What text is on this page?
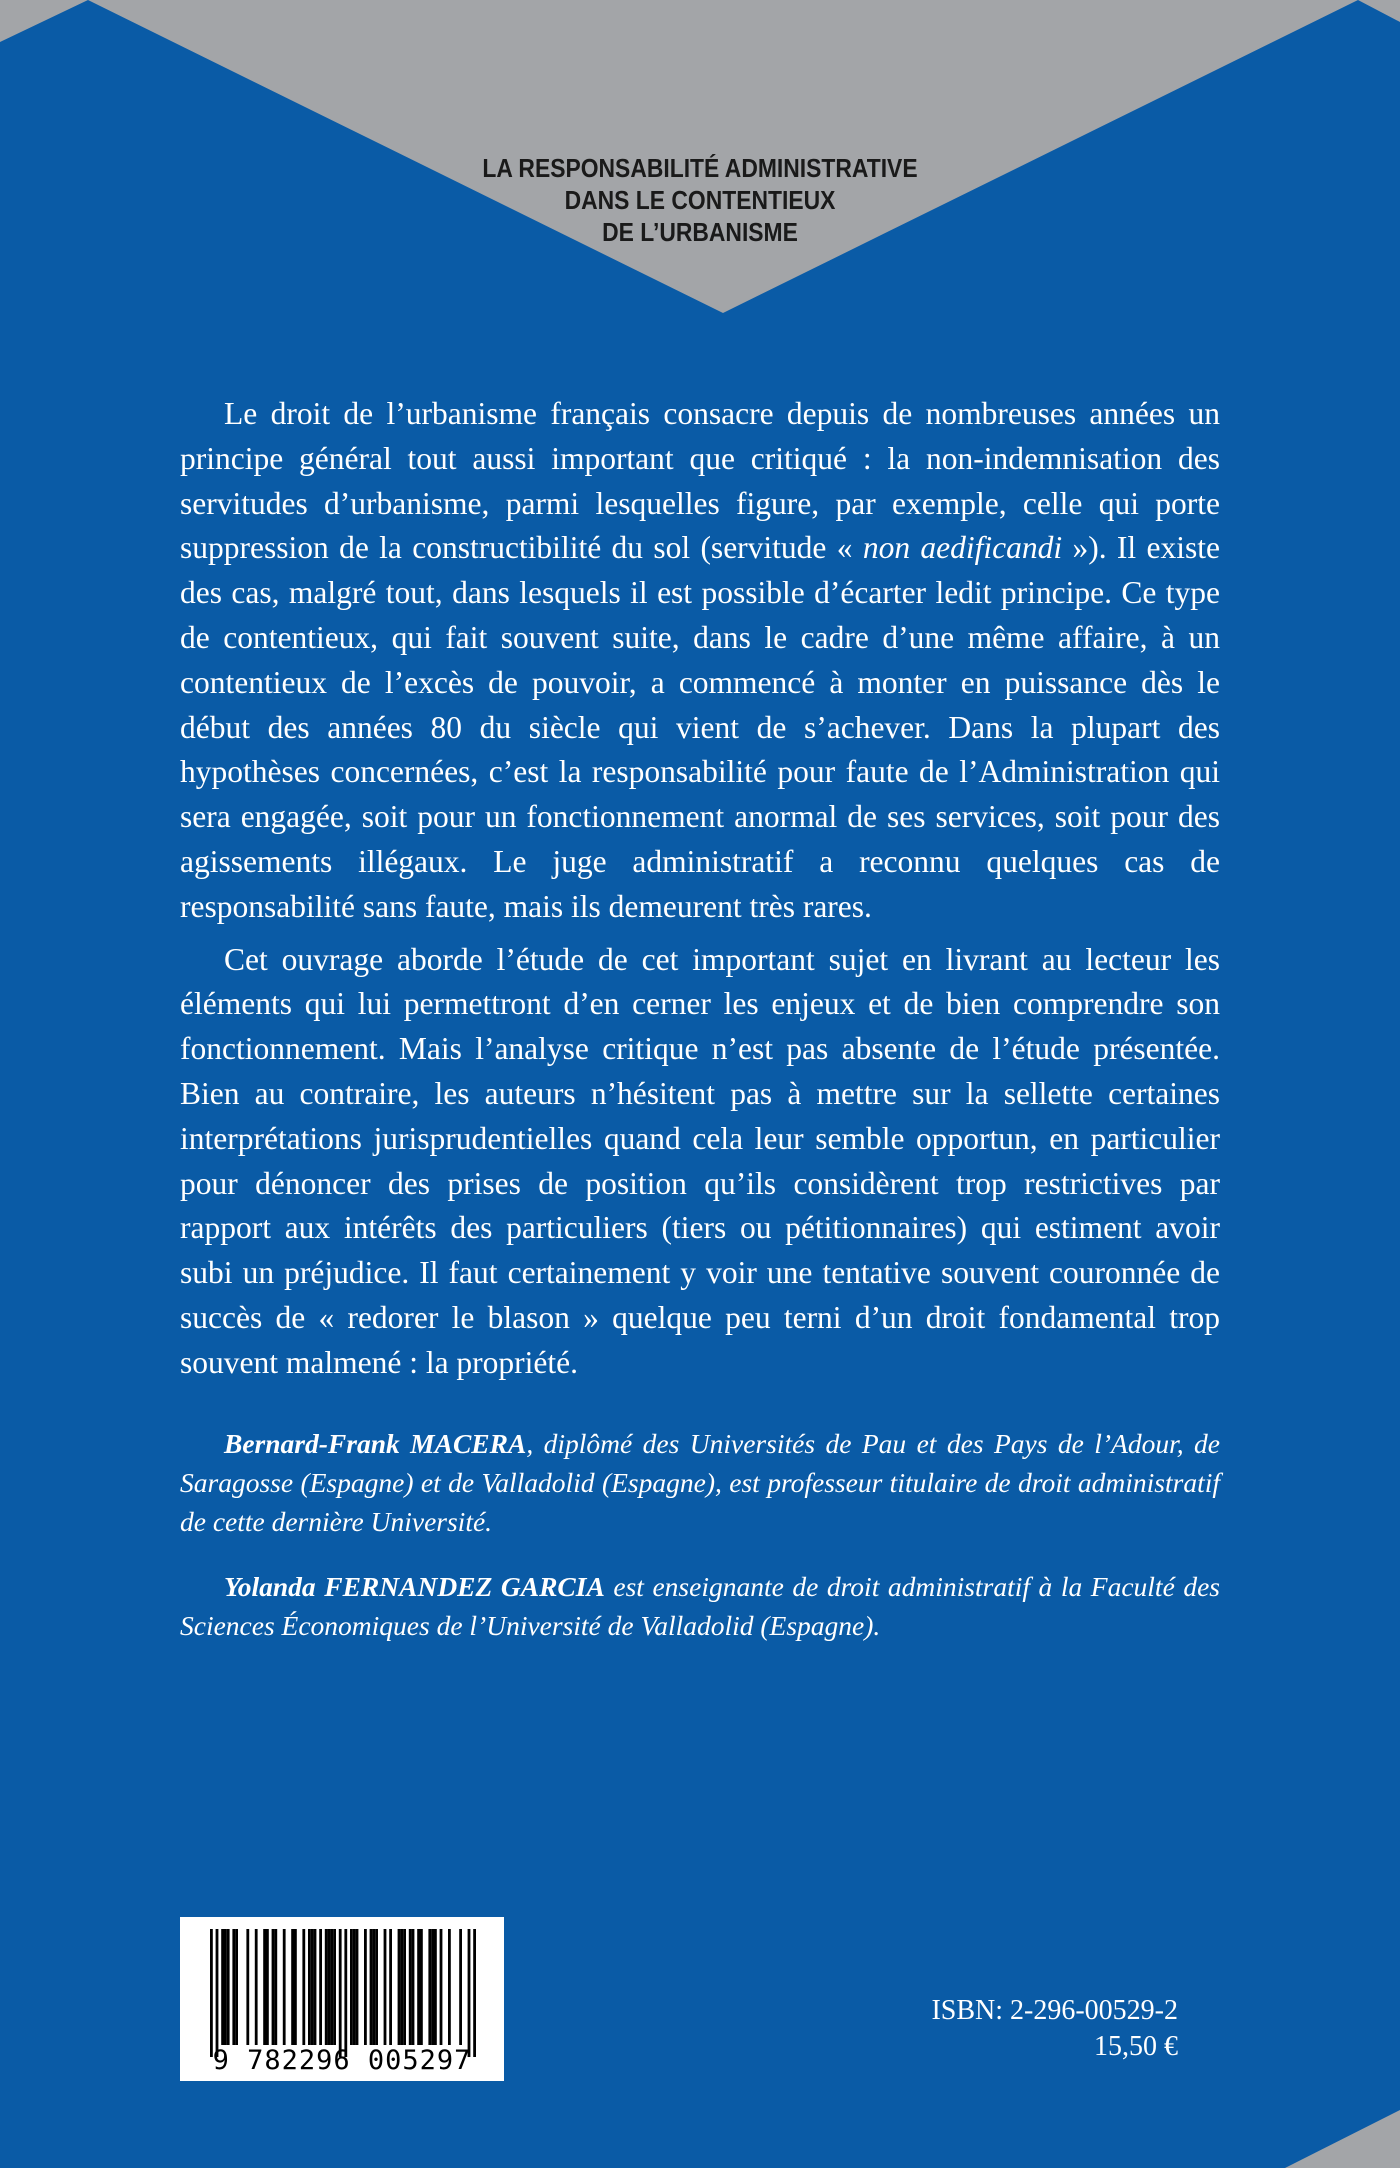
LA RESPONSABILITÉ ADMINISTRATIVE
DANS LE CONTENTIEUX
DE L’URBANISME

Le droit de l’urbanisme français consacre depuis de nombreuses années un principe général tout aussi important que critiqué : la non-indemnisation des servitudes d’urbanisme, parmi lesquelles figure, par exemple, celle qui porte suppression de la constructibilité du sol (servitude « non aedificandi »). Il existe des cas, malgré tout, dans lesquels il est possible d’écarter ledit principe. Ce type de contentieux, qui fait souvent suite, dans le cadre d’une même affaire, à un contentieux de l’excès de pouvoir, a commencé à monter en puissance dès le début des années 80 du siècle qui vient de s’achever. Dans la plupart des hypothèses concernées, c’est la responsabilité pour faute de l’Administration qui sera engagée, soit pour un fonctionnement anormal de ses services, soit pour des agissements illégaux. Le juge administratif a reconnu quelques cas de responsabilité sans faute, mais ils demeurent très rares.

Cet ouvrage aborde l’étude de cet important sujet en livrant au lecteur les éléments qui lui permettront d’en cerner les enjeux et de bien comprendre son fonctionnement. Mais l’analyse critique n’est pas absente de l’étude présentée. Bien au contraire, les auteurs n’hésitent pas à mettre sur la sellette certaines interprétations jurisprudentielles quand cela leur semble opportun, en particulier pour dénoncer des prises de position qu’ils considèrent trop restrictives par rapport aux intérêts des particuliers (tiers ou pétitionnaires) qui estiment avoir subi un préjudice. Il faut certainement y voir une tentative souvent couronnée de succès de « redorer le blason » quelque peu terni d’un droit fondamental trop souvent malmené : la propriété.

Bernard-Frank MACERA, diplômé des Universités de Pau et des Pays de l’Adour, de Saragosse (Espagne) et de Valladolid (Espagne), est professeur titulaire de droit administratif de cette dernière Université.

Yolanda FERNANDEZ GARCIA est enseignante de droit administratif à la Faculté des Sciences Économiques de l’Université de Valladolid (Espagne).

9 782296 005297
ISBN: 2-296-00529-2
15,50 €
